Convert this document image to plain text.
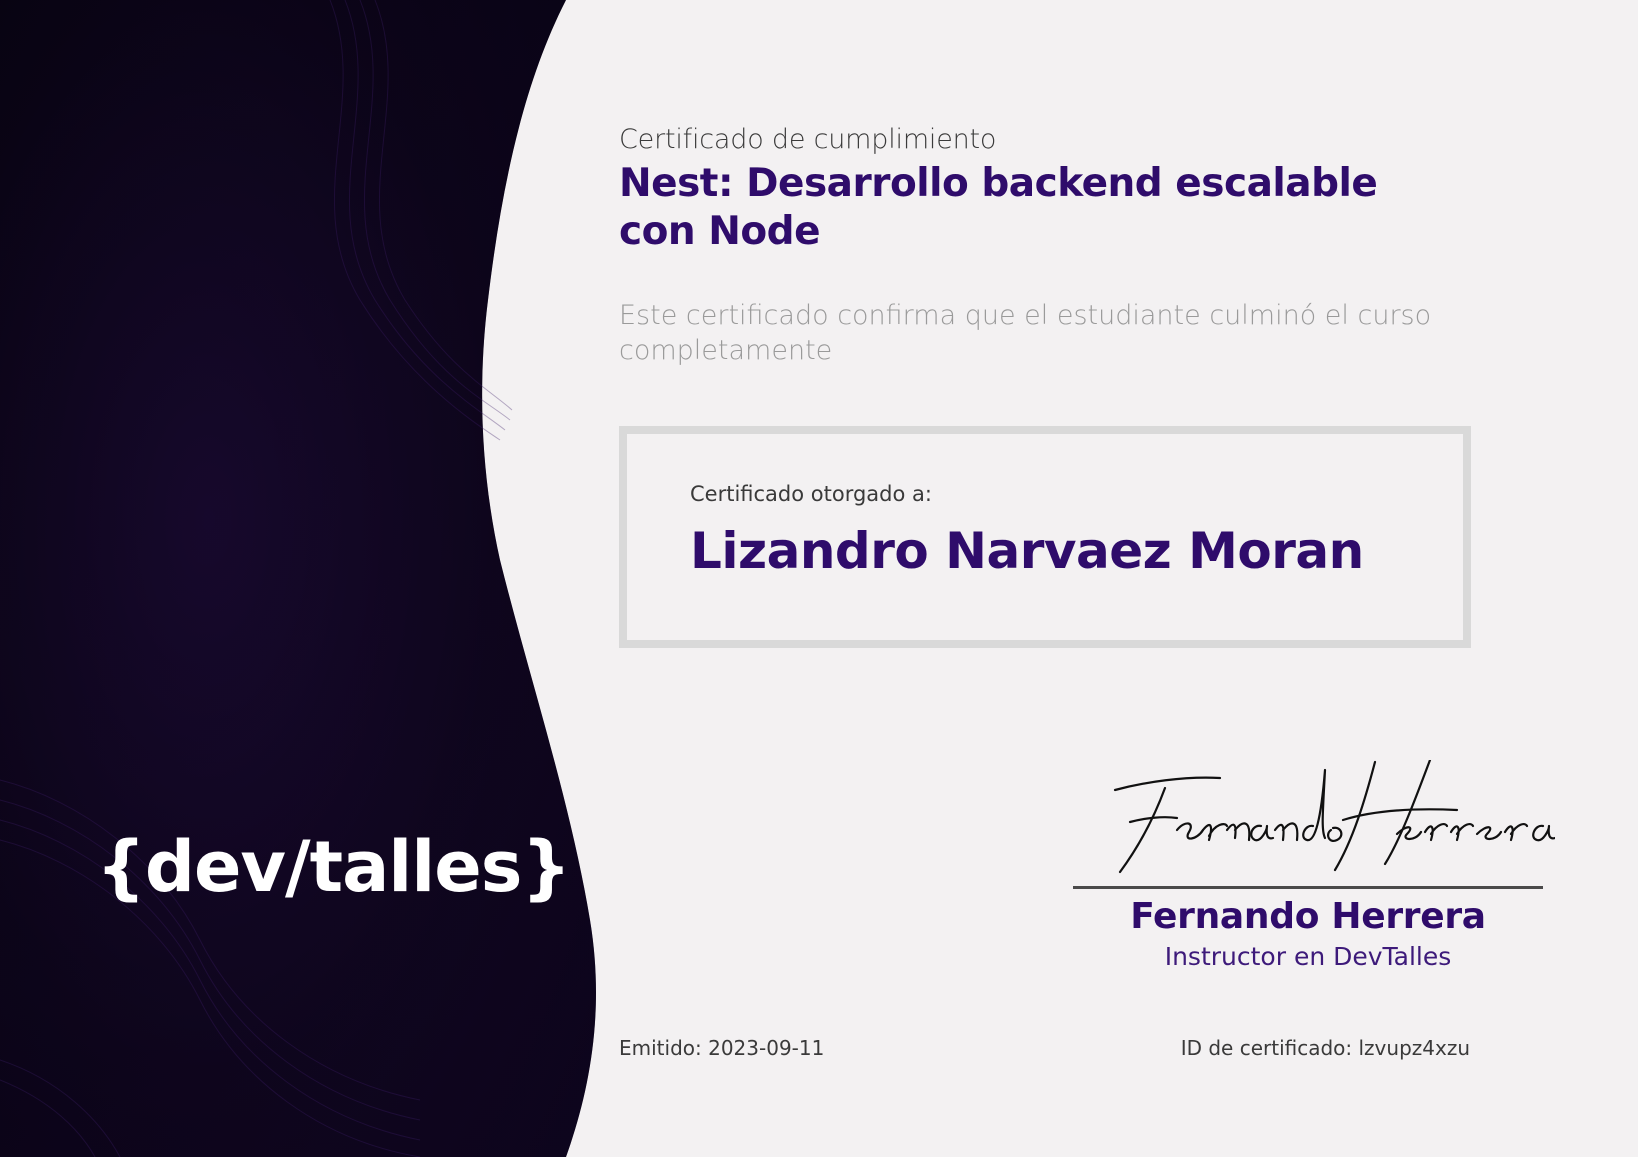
{dev/talles}
Certificado de cumplimiento
Nest: Desarrollo backend escalable con Node
Este certificado confirma que el estudiante culminó el curso completamente
Certificado otorgado a:
Lizandro Narvaez Moran
Fernando Herrera
Instructor en DevTalles
Emitido: 2023-09-11	ID de certificado: lzvupz4xzu
